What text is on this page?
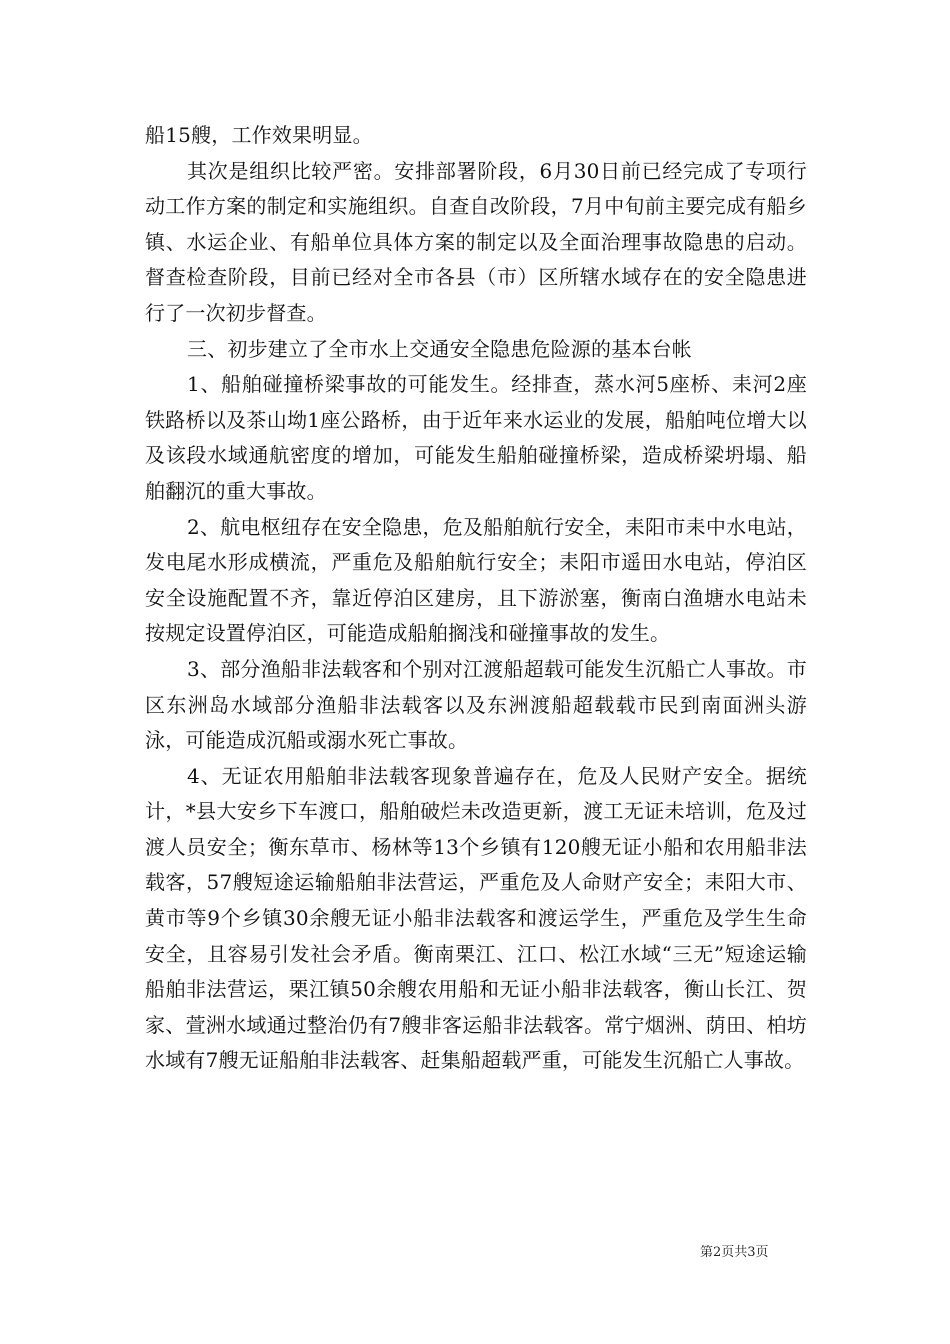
船15艘，工作效果明显。

其次是组织比较严密。安排部署阶段，6月30日前已经完成了专项行动工作方案的制定和实施组织。自查自改阶段，7月中旬前主要完成有船乡镇、水运企业、有船单位具体方案的制定以及全面治理事故隐患的启动。督查检查阶段，目前已经对全市各县（市）区所辖水域存在的安全隐患进行了一次初步督查。

三、初步建立了全市水上交通安全隐患危险源的基本台帐

1、船舶碰撞桥梁事故的可能发生。经排查，蒸水河5座桥、耒河2座铁路桥以及茶山坳1座公路桥，由于近年来水运业的发展，船舶吨位增大以及该段水域通航密度的增加，可能发生船舶碰撞桥梁，造成桥梁坍塌、船舶翻沉的重大事故。

2、航电枢纽存在安全隐患，危及船舶航行安全，耒阳市耒中水电站，发电尾水形成横流，严重危及船舶航行安全；耒阳市遥田水电站，停泊区安全设施配置不齐，靠近停泊区建房，且下游淤塞，衡南白渔塘水电站未按规定设置停泊区，可能造成船舶搁浅和碰撞事故的发生。

3、部分渔船非法载客和个别对江渡船超载可能发生沉船亡人事故。市区东洲岛水域部分渔船非法载客以及东洲渡船超载载市民到南面洲头游泳，可能造成沉船或溺水死亡事故。

4、无证农用船舶非法载客现象普遍存在，危及人民财产安全。据统计，*县大安乡下车渡口，船舶破烂未改造更新，渡工无证未培训，危及过渡人员安全；衡东草市、杨林等13个乡镇有120艘无证小船和农用船非法载客，57艘短途运输船舶非法营运，严重危及人命财产安全；耒阳大市、黄市等9个乡镇30余艘无证小船非法载客和渡运学生，严重危及学生生命安全，且容易引发社会矛盾。衡南栗江、江口、松江水域“三无”短途运输船舶非法营运，栗江镇50余艘农用船和无证小船非法载客，衡山长江、贺家、萱洲水域通过整治仍有7艘非客运船非法载客。常宁烟洲、荫田、柏坊水域有7艘无证船舶非法载客、赶集船超载严重，可能发生沉船亡人事故。

第2页共3页
